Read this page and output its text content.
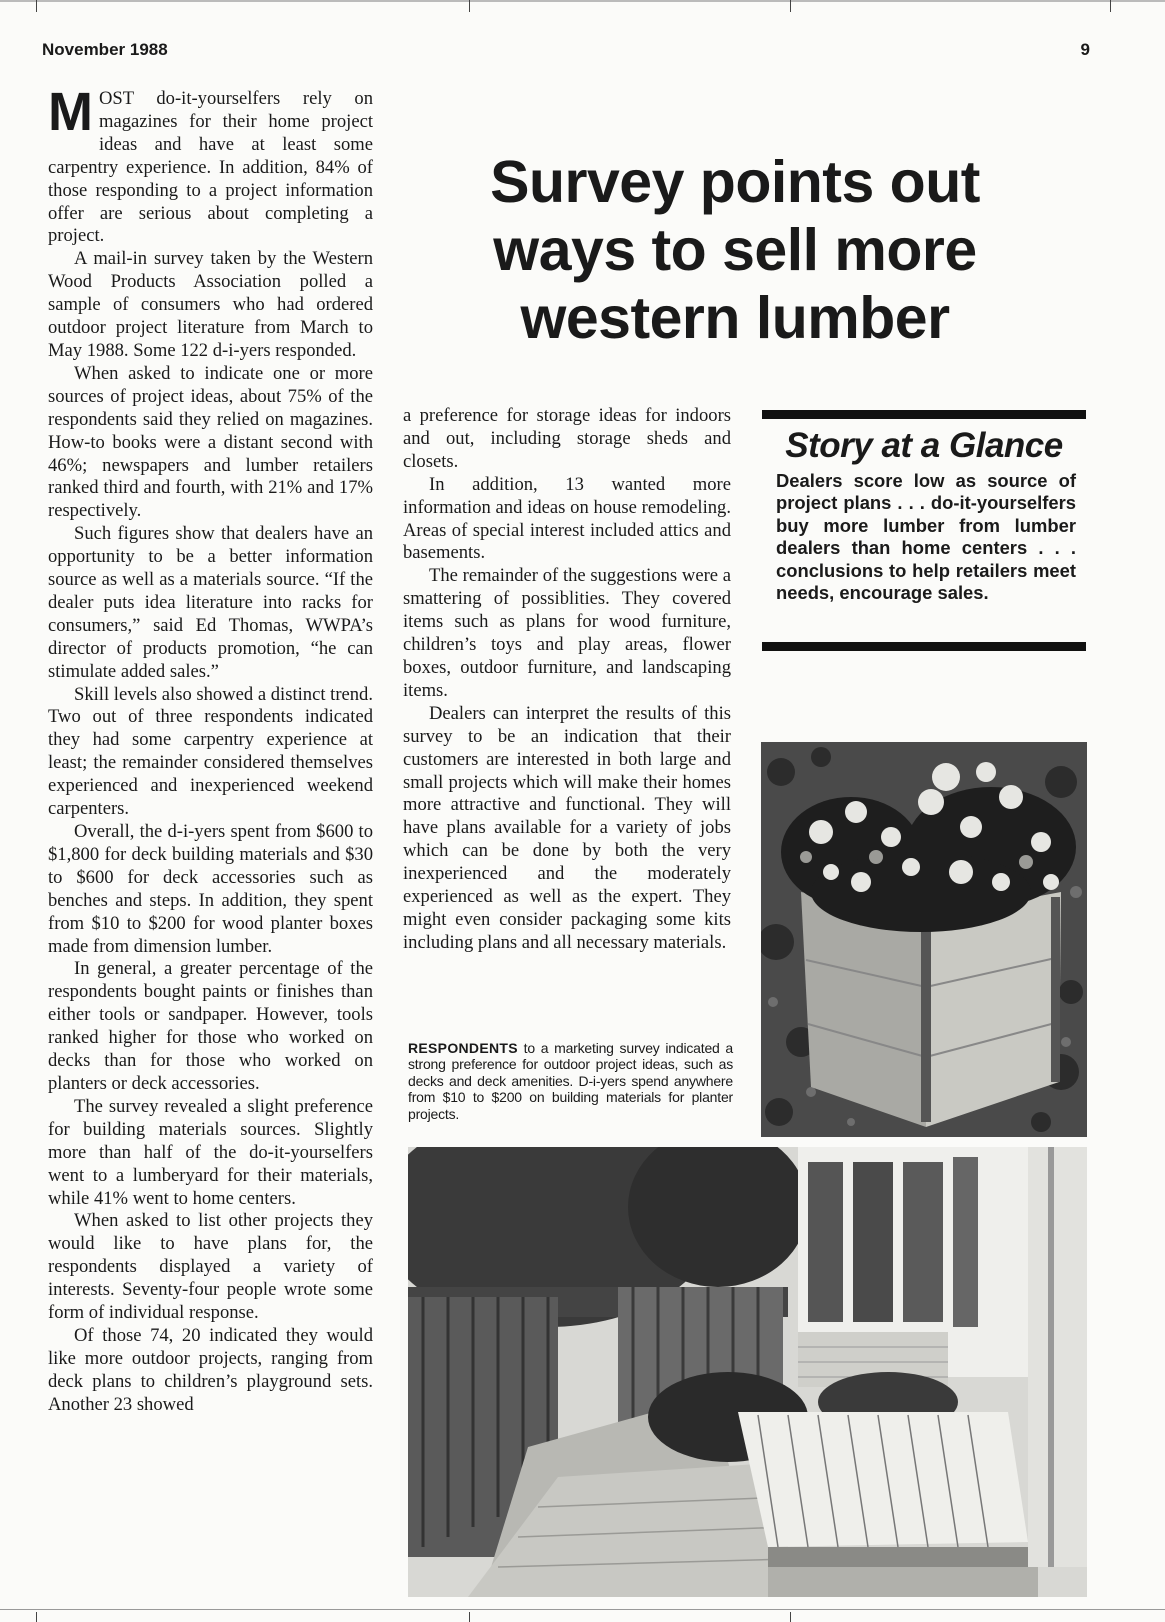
November 1988	9
Survey points out
ways to sell more
western lumber

MOST do-it-yourselfers rely on magazines for their home project ideas and have at least some carpentry experience. In addition, 84% of those responding to a project information offer are serious about completing a project.

A mail-in survey taken by the Western Wood Products Association polled a sample of consumers who had ordered outdoor project literature from March to May 1988. Some 122 d-i-yers responded.

When asked to indicate one or more sources of project ideas, about 75% of the respondents said they relied on magazines. How-to books were a distant second with 46%; newspapers and lumber retailers ranked third and fourth, with 21% and 17% respectively.

Such figures show that dealers have an opportunity to be a better information source as well as a materials source. “If the dealer puts idea literature into racks for consumers,” said Ed Thomas, WWPA’s director of products promotion, “he can stimulate added sales.”

Skill levels also showed a distinct trend. Two out of three respondents indicated they had some carpentry experience at least; the remainder considered themselves experienced and inexperienced weekend carpenters.

Overall, the d-i-yers spent from $600 to $1,800 for deck building materials and $30 to $600 for deck accessories such as benches and steps. In addition, they spent from $10 to $200 for wood planter boxes made from dimension lumber.

In general, a greater percentage of the respondents bought paints or finishes than either tools or sandpaper. However, tools ranked higher for those who worked on decks than for those who worked on planters or deck accessories.

The survey revealed a slight preference for building materials sources. Slightly more than half of the do-it-yourselfers went to a lumberyard for their materials, while 41% went to home centers.

When asked to list other projects they would like to have plans for, the respondents displayed a variety of interests. Seventy-four people wrote some form of individual response.

Of those 74, 20 indicated they would like more outdoor projects, ranging from deck plans to children’s playground sets. Another 23 showed

a preference for storage ideas for indoors and out, including storage sheds and closets.

In addition, 13 wanted more information and ideas on house remodeling. Areas of special interest included attics and basements.

The remainder of the suggestions were a smattering of possiblities. They covered items such as plans for wood furniture, children’s toys and play areas, flower boxes, outdoor furniture, and landscaping items.

Dealers can interpret the results of this survey to be an indication that their customers are interested in both large and small projects which will make their homes more attractive and functional. They will have plans available for a variety of jobs which can be done by both the very inexperienced and the moderately experienced as well as the expert. They might even consider packaging some kits including plans and all necessary materials.

Story at a Glance
Dealers score low as source of project plans . . . do-it-yourselfers buy more lumber from lumber dealers than home centers . . . conclusions to help retailers meet needs, encourage sales.
RESPONDENTS to a marketing survey indicated a strong preference for outdoor project ideas, such as decks and deck amenities. D-i-yers spend anywhere from $10 to $200 on building materials for planter projects.
